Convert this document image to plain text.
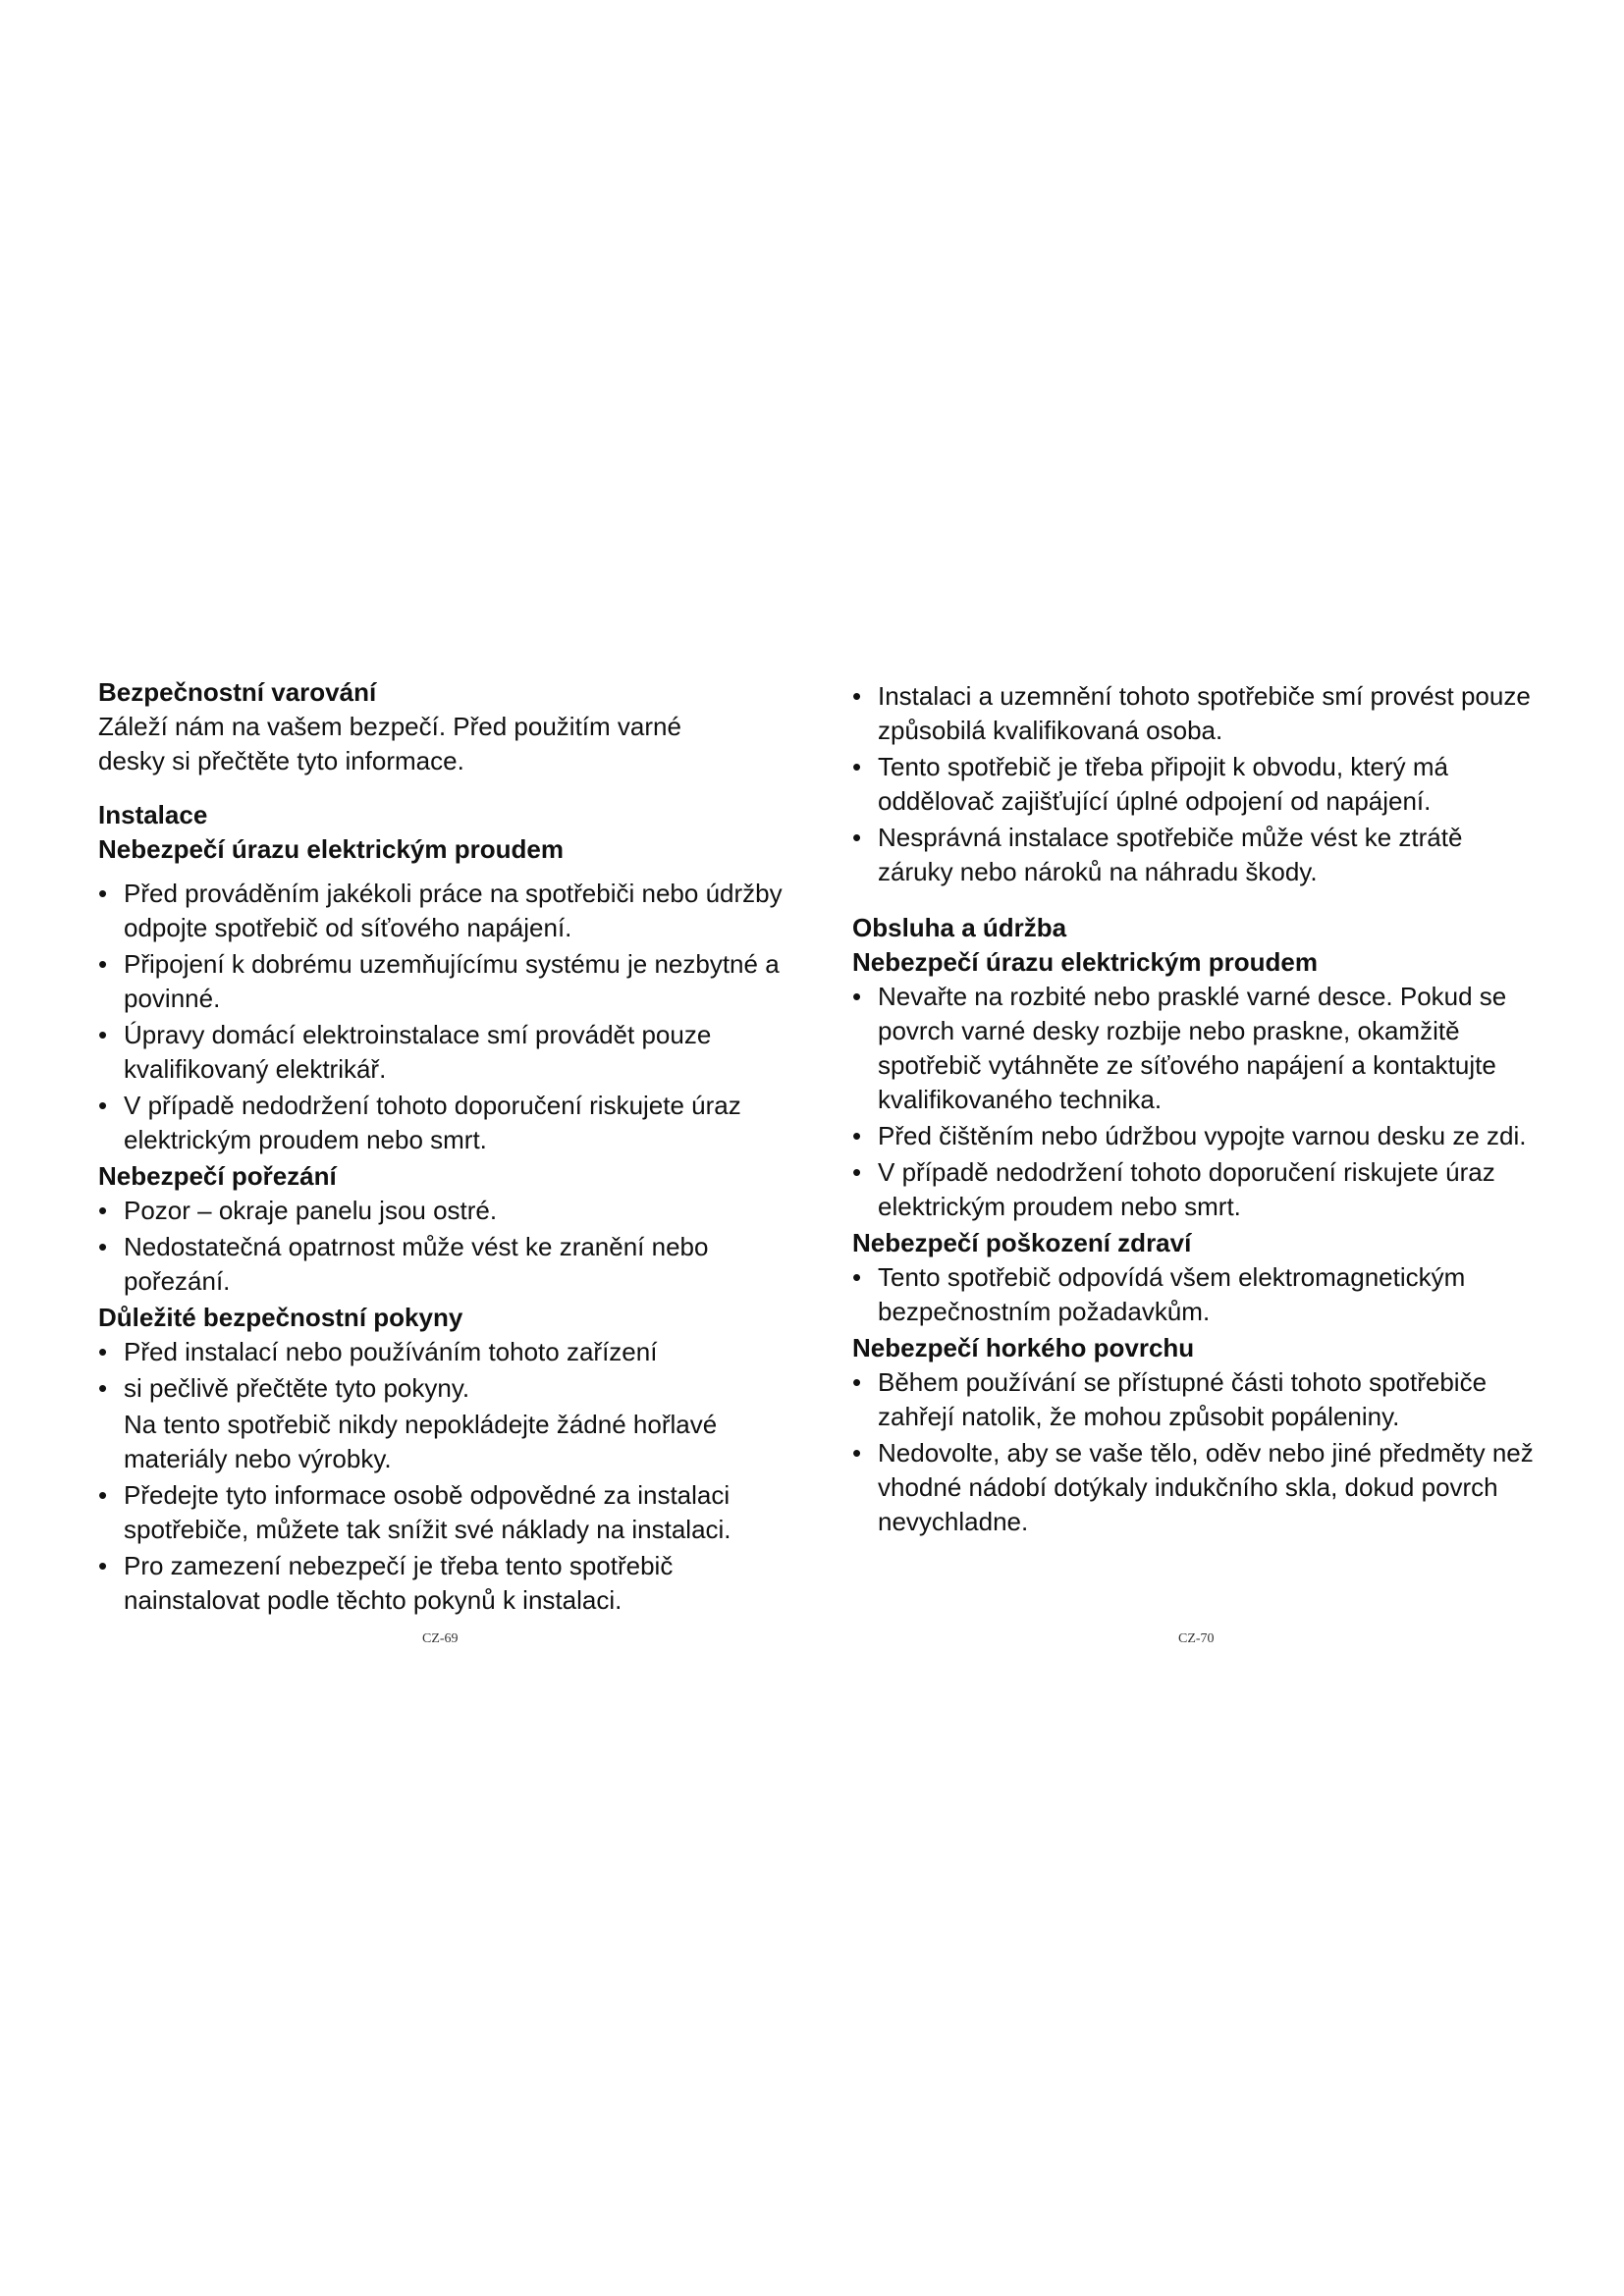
Bezpečnostní varování

Záleží nám na vašem bezpečí. Před použitím varné desky si přečtěte tyto informace.

Instalace

Nebezpečí úrazu elektrickým proudem

• Před prováděním jakékoli práce na spotřebiči nebo údržby odpojte spotřebič od síťového napájení.
• Připojení k dobrému uzemňujícímu systému je nezbytné a povinné.
• Úpravy domácí elektroinstalace smí provádět pouze kvalifikovaný elektrikář.
• V případě nedodržení tohoto doporučení riskujete úraz elektrickým proudem nebo smrt.

Nebezpečí pořezání

• Pozor – okraje panelu jsou ostré.
• Nedostatečná opatrnost může vést ke zranění nebo pořezání.

Důležité bezpečnostní pokyny

• Před instalací nebo používáním tohoto zařízení
• si pečlivě přečtěte tyto pokyny.

Na tento spotřebič nikdy nepokládejte žádné hořlavé materiály nebo výrobky.

• Předejte tyto informace osobě odpovědné za instalaci spotřebiče, můžete tak snížit své náklady na instalaci.
• Pro zamezení nebezpečí je třeba tento spotřebič nainstalovat podle těchto pokynů k instalaci.
CZ-69
• Instalaci a uzemnění tohoto spotřebiče smí provést pouze způsobilá kvalifikovaná osoba.
• Tento spotřebič je třeba připojit k obvodu, který má oddělovač zajišťující úplné odpojení od napájení.
• Nesprávná instalace spotřebiče může vést ke ztrátě záruky nebo nároků na náhradu škody.

Obsluha a údržba

Nebezpečí úrazu elektrickým proudem

• Nevařte na rozbité nebo prasklé varné desce. Pokud se povrch varné desky rozbije nebo praskne, okamžitě spotřebič vytáhněte ze síťového napájení a kontaktujte kvalifikovaného technika.
• Před čištěním nebo údržbou vypojte varnou desku ze zdi.
• V případě nedodržení tohoto doporučení riskujete úraz elektrickým proudem nebo smrt.

Nebezpečí poškození zdraví

• Tento spotřebič odpovídá všem elektromagnetickým bezpečnostním požadavkům.

Nebezpečí horkého povrchu

• Během používání se přístupné části tohoto spotřebiče zahřejí natolik, že mohou způsobit popáleniny.
• Nedovolte, aby se vaše tělo, oděv nebo jiné předměty než vhodné nádobí dotýkaly indukčního skla, dokud povrch nevychladne.
CZ-70
